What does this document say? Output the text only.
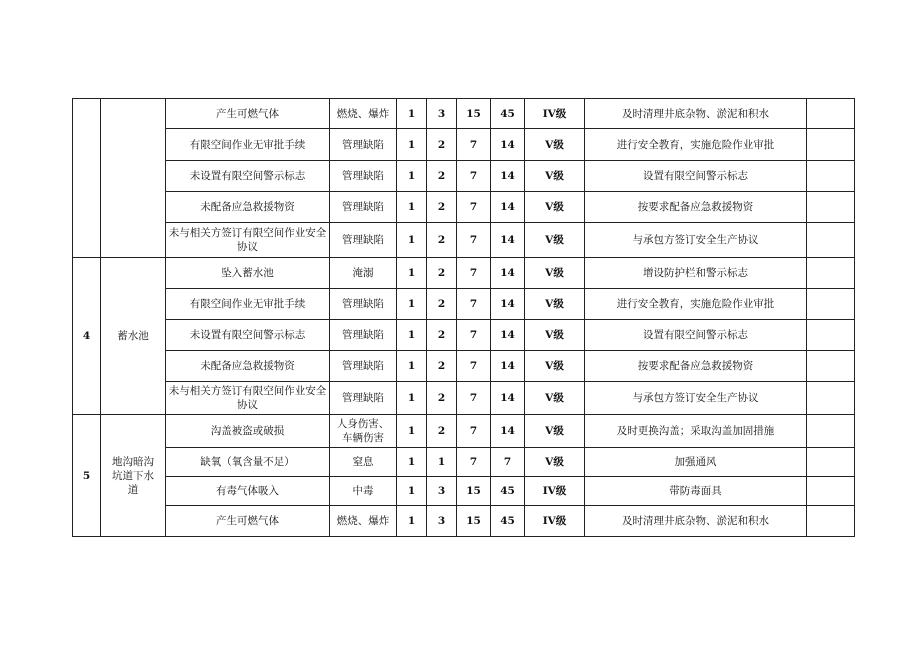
		产生可燃气体	燃烧、爆炸	1	3	15	45	IV级	及时清理井底杂物、淤泥和积水	
		有限空间作业无审批手续	管理缺陷	1	2	7	14	V级	进行安全教育，实施危险作业审批	
		未设置有限空间警示标志	管理缺陷	1	2	7	14	V级	设置有限空间警示标志	
		未配备应急救援物资	管理缺陷	1	2	7	14	V级	按要求配备应急救援物资	
		未与相关方签订有限空间作业安全协议	管理缺陷	1	2	7	14	V级	与承包方签订安全生产协议	
4	蓄水池	坠入蓄水池	淹溺	1	2	7	14	V级	增设防护栏和警示标志	
		有限空间作业无审批手续	管理缺陷	1	2	7	14	V级	进行安全教育，实施危险作业审批	
		未设置有限空间警示标志	管理缺陷	1	2	7	14	V级	设置有限空间警示标志	
		未配备应急救援物资	管理缺陷	1	2	7	14	V级	按要求配备应急救援物资	
		未与相关方签订有限空间作业安全协议	管理缺陷	1	2	7	14	V级	与承包方签订安全生产协议	
5	地沟暗沟坑道下水道	沟盖被盗或破损	人身伤害、车辆伤害	1	2	7	14	V级	及时更换沟盖；采取沟盖加固措施	
		缺氧（氧含量不足）	窒息	1	1	7	7	V级	加强通风	
		有毒气体吸入	中毒	1	3	15	45	IV级	带防毒面具	
		产生可燃气体	燃烧、爆炸	1	3	15	45	IV级	及时清理井底杂物、淤泥和积水	
